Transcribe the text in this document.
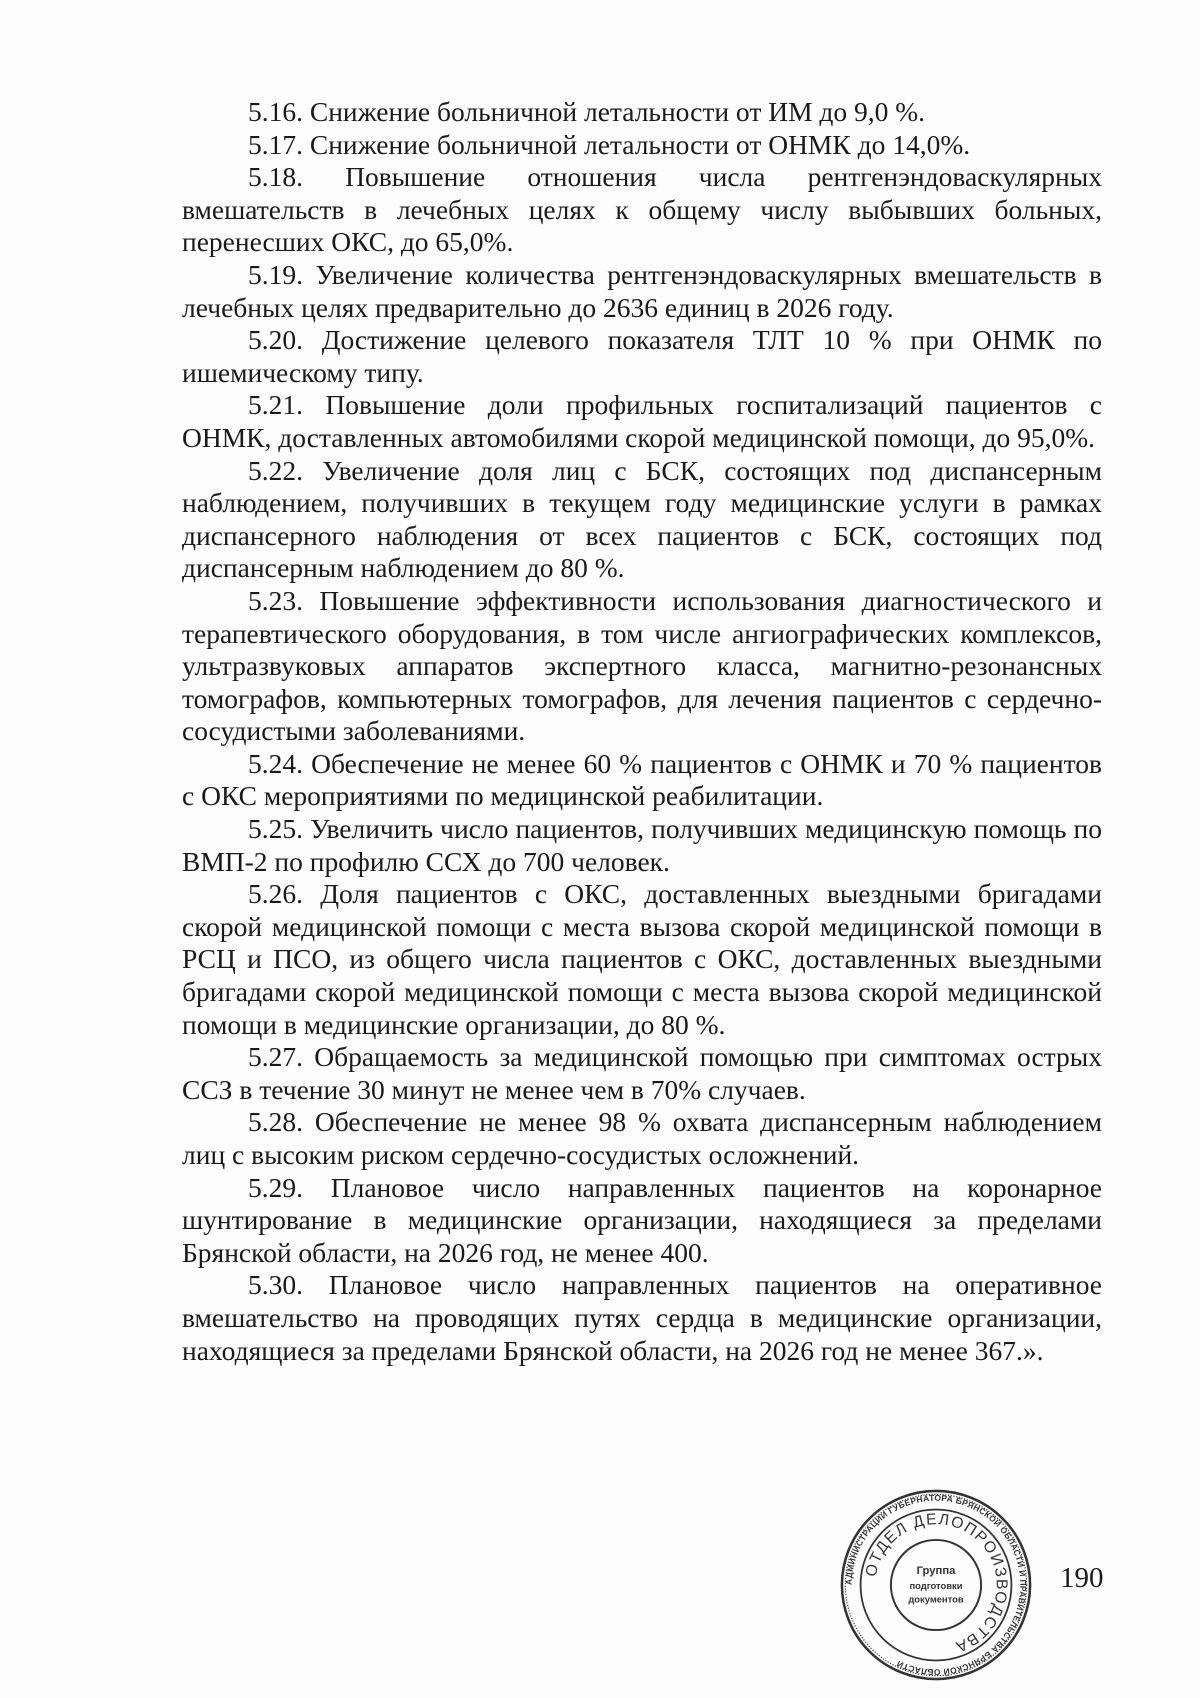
5.16. Снижение больничной летальности от ИМ до 9,0 %.

5.17. Снижение больничной летальности от ОНМК до 14,0%.

5.18. Повышение отношения числа рентгенэндоваскулярных вмешательств в лечебных целях к общему числу выбывших больных, перенесших ОКС, до 65,0%.

5.19. Увеличение количества рентгенэндоваскулярных вмешательств в лечебных целях предварительно до 2636 единиц в 2026 году.

5.20. Достижение целевого показателя ТЛТ 10 % при ОНМК по ишемическому типу.

5.21. Повышение доли профильных госпитализаций пациентов с ОНМК, доставленных автомобилями скорой медицинской помощи, до 95,0%.

5.22. Увеличение доля лиц с БСК, состоящих под диспансерным наблюдением, получивших в текущем году медицинские услуги в рамках диспансерного наблюдения от всех пациентов с БСК, состоящих под диспансерным наблюдением до 80 %.

5.23. Повышение эффективности использования диагностического и терапевтического оборудования, в том числе ангиографических комплексов, ультразвуковых аппаратов экспертного класса, магнитно-резонансных томографов, компьютерных томографов, для лечения пациентов с сердечно-сосудистыми заболеваниями.

5.24. Обеспечение не менее 60 % пациентов с ОНМК и 70 % пациентов с ОКС мероприятиями по медицинской реабилитации.

5.25. Увеличить число пациентов, получивших медицинскую помощь по ВМП-2 по профилю ССХ до 700 человек.

5.26. Доля пациентов с ОКС, доставленных выездными бригадами скорой медицинской помощи с места вызова скорой медицинской помощи в РСЦ и ПСО, из общего числа пациентов с ОКС, доставленных выездными бригадами скорой медицинской помощи с места вызова скорой медицинской помощи в медицинские организации, до 80 %.

5.27. Обращаемость за медицинской помощью при симптомах острых ССЗ в течение 30 минут не менее чем в 70% случаев.

5.28. Обеспечение не менее 98 % охвата диспансерным наблюдением лиц с высоким риском сердечно-сосудистых осложнений.

5.29. Плановое число направленных пациентов на коронарное шунтирование в медицинские организации, находящиеся за пределами Брянской области, на 2026 год, не менее 400.

5.30. Плановое число направленных пациентов на оперативное вмешательство на проводящих путях сердца в медицинские организации, находящиеся за пределами Брянской области, на 2026 год не менее 367.».

АДМИНИСТРАЦИИ ГУБЕРНАТОРА БРЯНСКОЙ ОБЛАСТИ И ПРАВИТЕЛЬСТВА БРЯНСКОЙ ОБЛАСТИ
ОТДЕЛ ДЕЛОПРОИЗВОДСТВА
Группа
подготовки
документов
190
